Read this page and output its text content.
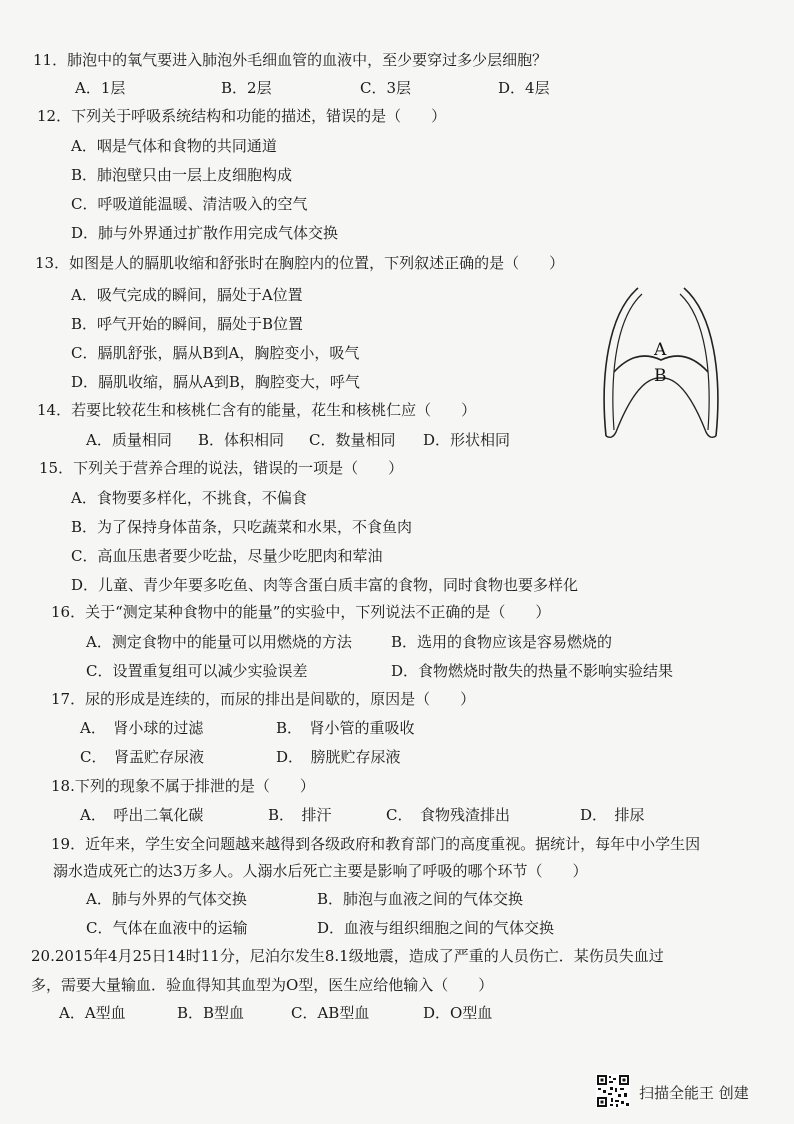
11．肺泡中的氧气要进入肺泡外毛细血管的血液中，至少要穿过多少层细胞？
A．1层	B．2层	C．3层	D．4层
12．下列关于呼吸系统结构和功能的描述，错误的是（　　）
A．咽是气体和食物的共同通道
B．肺泡壁只由一层上皮细胞构成
C．呼吸道能温暖、清洁吸入的空气
D．肺与外界通过扩散作用完成气体交换
13．如图是人的膈肌收缩和舒张时在胸腔内的位置，下列叙述正确的是（　　）
A．吸气完成的瞬间，膈处于A位置
B．呼气开始的瞬间，膈处于B位置
C．膈肌舒张，膈从B到A，胸腔变小，吸气
D．膈肌收缩，膈从A到B，胸腔变大，呼气
A
B
14．若要比较花生和核桃仁含有的能量，花生和核桃仁应（　　）
A．质量相同 B．体积相同 C．数量相同 D．形状相同
15．下列关于营养合理的说法，错误的一项是（　　）
A．食物要多样化，不挑食，不偏食
B．为了保持身体苗条，只吃蔬菜和水果，不食鱼肉
C．高血压患者要少吃盐，尽量少吃肥肉和荤油
D．儿童、青少年要多吃鱼、肉等含蛋白质丰富的食物，同时食物也要多样化
16．关于“测定某种食物中的能量”的实验中，下列说法不正确的是（　　）
A．测定食物中的能量可以用燃烧的方法	B．选用的食物应该是容易燃烧的
C．设置重复组可以减少实验误差	D．食物燃烧时散失的热量不影响实验结果
17．尿的形成是连续的，而尿的排出是间歇的，原因是（　　）
A．　肾小球的过滤	B．　肾小管的重吸收
C．　肾盂贮存尿液	D．　膀胱贮存尿液
18.下列的现象不属于排泄的是（　　）
A．　呼出二氧化碳	B．　排汗	C．　食物残渣排出	D．　排尿
19．近年来，学生安全问题越来越得到各级政府和教育部门的高度重视。据统计，每年中小学生因
溺水造成死亡的达3万多人。人溺水后死亡主要是影响了呼吸的哪个环节（　　）
A．肺与外界的气体交换	B．肺泡与血液之间的气体交换
C．气体在血液中的运输	D．血液与组织细胞之间的气体交换
20.2015年4月25日14时11分，尼泊尔发生8.1级地震，造成了严重的人员伤亡．某伤员失血过
多，需要大量输血．验血得知其血型为O型，医生应给他输入（　　）
A．A型血	B．B型血	C．AB型血	D．O型血
扫描全能王 创建
